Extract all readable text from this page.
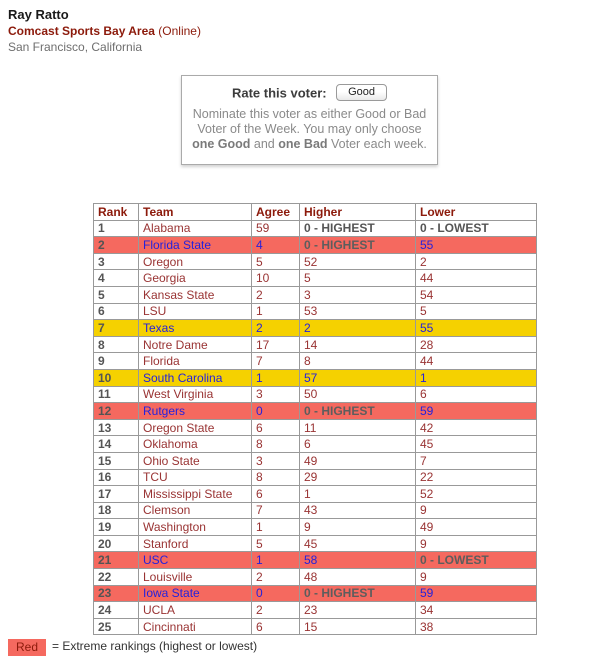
Ray Ratto
Comcast Sports Bay Area (Online)
San Francisco, California
Rate this voter: Good

Nominate this voter as either Good or Bad Voter of the Week. You may only choose one Good and one Bad Voter each week.

Rank	Team	Agree	Higher	Lower
1	Alabama	59	0 - HIGHEST	0 - LOWEST
2	Florida State	4	0 - HIGHEST	55
3	Oregon	5	52	2
4	Georgia	10	5	44
5	Kansas State	2	3	54
6	LSU	1	53	5
7	Texas	2	2	55
8	Notre Dame	17	14	28
9	Florida	7	8	44
10	South Carolina	1	57	1
11	West Virginia	3	50	6
12	Rutgers	0	0 - HIGHEST	59
13	Oregon State	6	11	42
14	Oklahoma	8	6	45
15	Ohio State	3	49	7
16	TCU	8	29	22
17	Mississippi State	6	1	52
18	Clemson	7	43	9
19	Washington	1	9	49
20	Stanford	5	45	9
21	USC	1	58	0 - LOWEST
22	Louisville	2	48	9
23	Iowa State	0	0 - HIGHEST	59
24	UCLA	2	23	34
25	Cincinnati	6	15	38
Red = Extreme rankings (highest or lowest)
